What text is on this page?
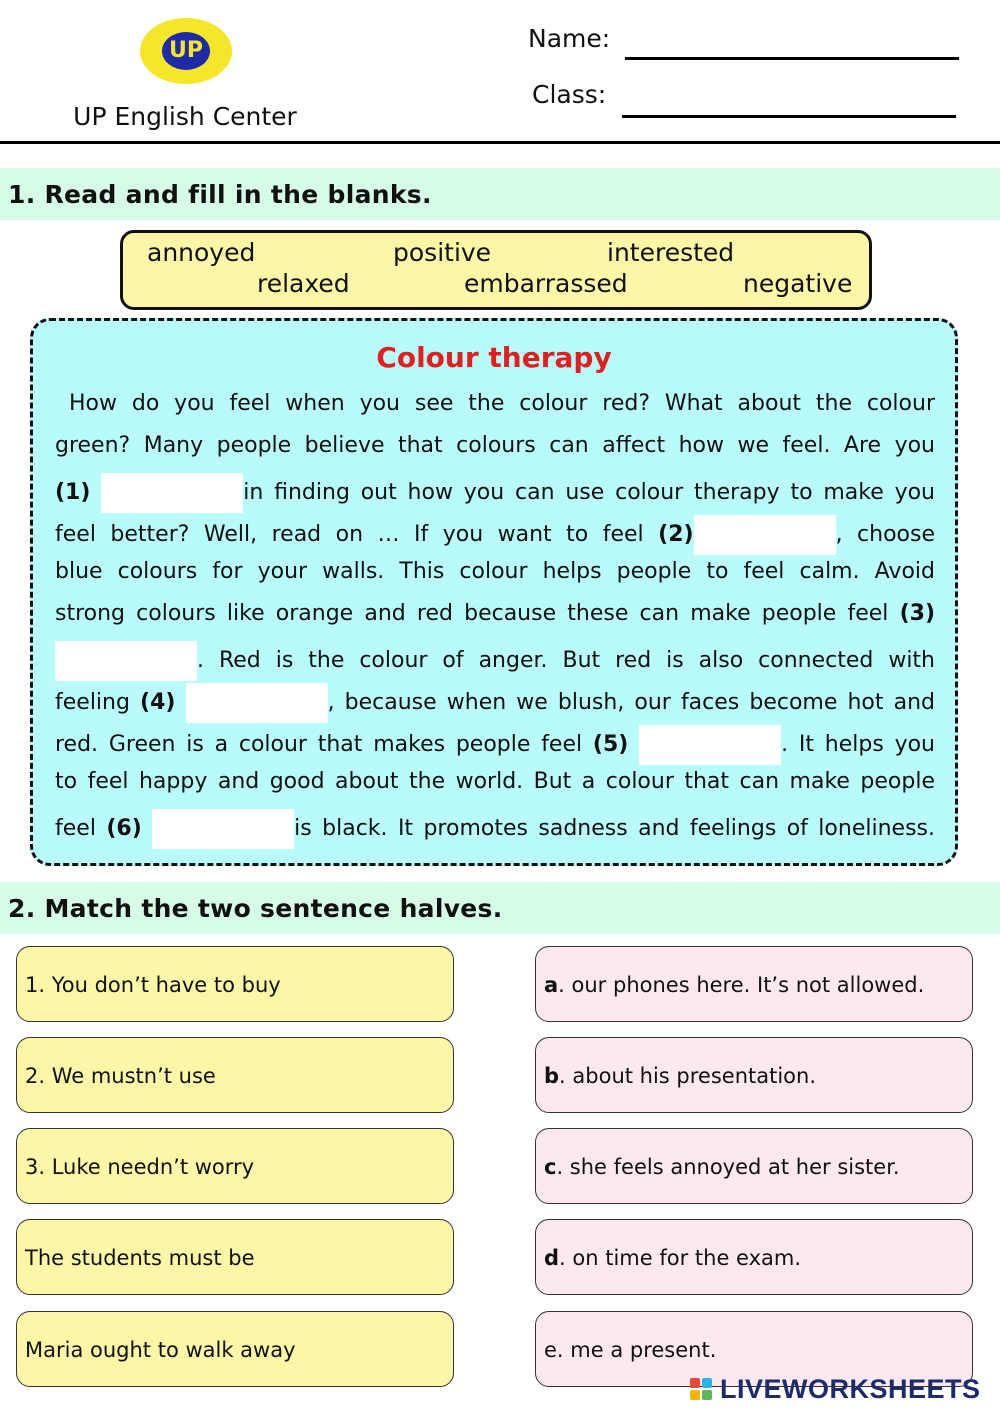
UP
UP English Center
Name:
Class:
1. Read and fill in the blanks.
annoyed	positive	interested
relaxed	embarrassed	negative
Colour therapy
How do you feel when you see the colour red? What about the colour
green? Many people believe that colours can affect how we feel. Are you
(1)	in finding out how you can use colour therapy to make you
feel better? Well, read on … If you want to feel (2)	, choose
blue colours for your walls. This colour helps people to feel calm. Avoid
strong colours like orange and red because these can make people feel (3)
. Red is the colour of anger. But red is also connected with
feeling (4)	, because when we blush, our faces become hot and
red. Green is a colour that makes people feel (5)	. It helps you
to feel happy and good about the world. But a colour that can make people
feel (6)	is black. It promotes sadness and feelings of loneliness.
2. Match the two sentence halves.
1. You don’t have to buy
2. We mustn’t use
3. Luke needn’t worry
The students must be
Maria ought to walk away
a. our phones here. It’s not allowed.
b. about his presentation.
c. she feels annoyed at her sister.
d. on time for the exam.
e. me a present.
LIVEWORKSHEETS
